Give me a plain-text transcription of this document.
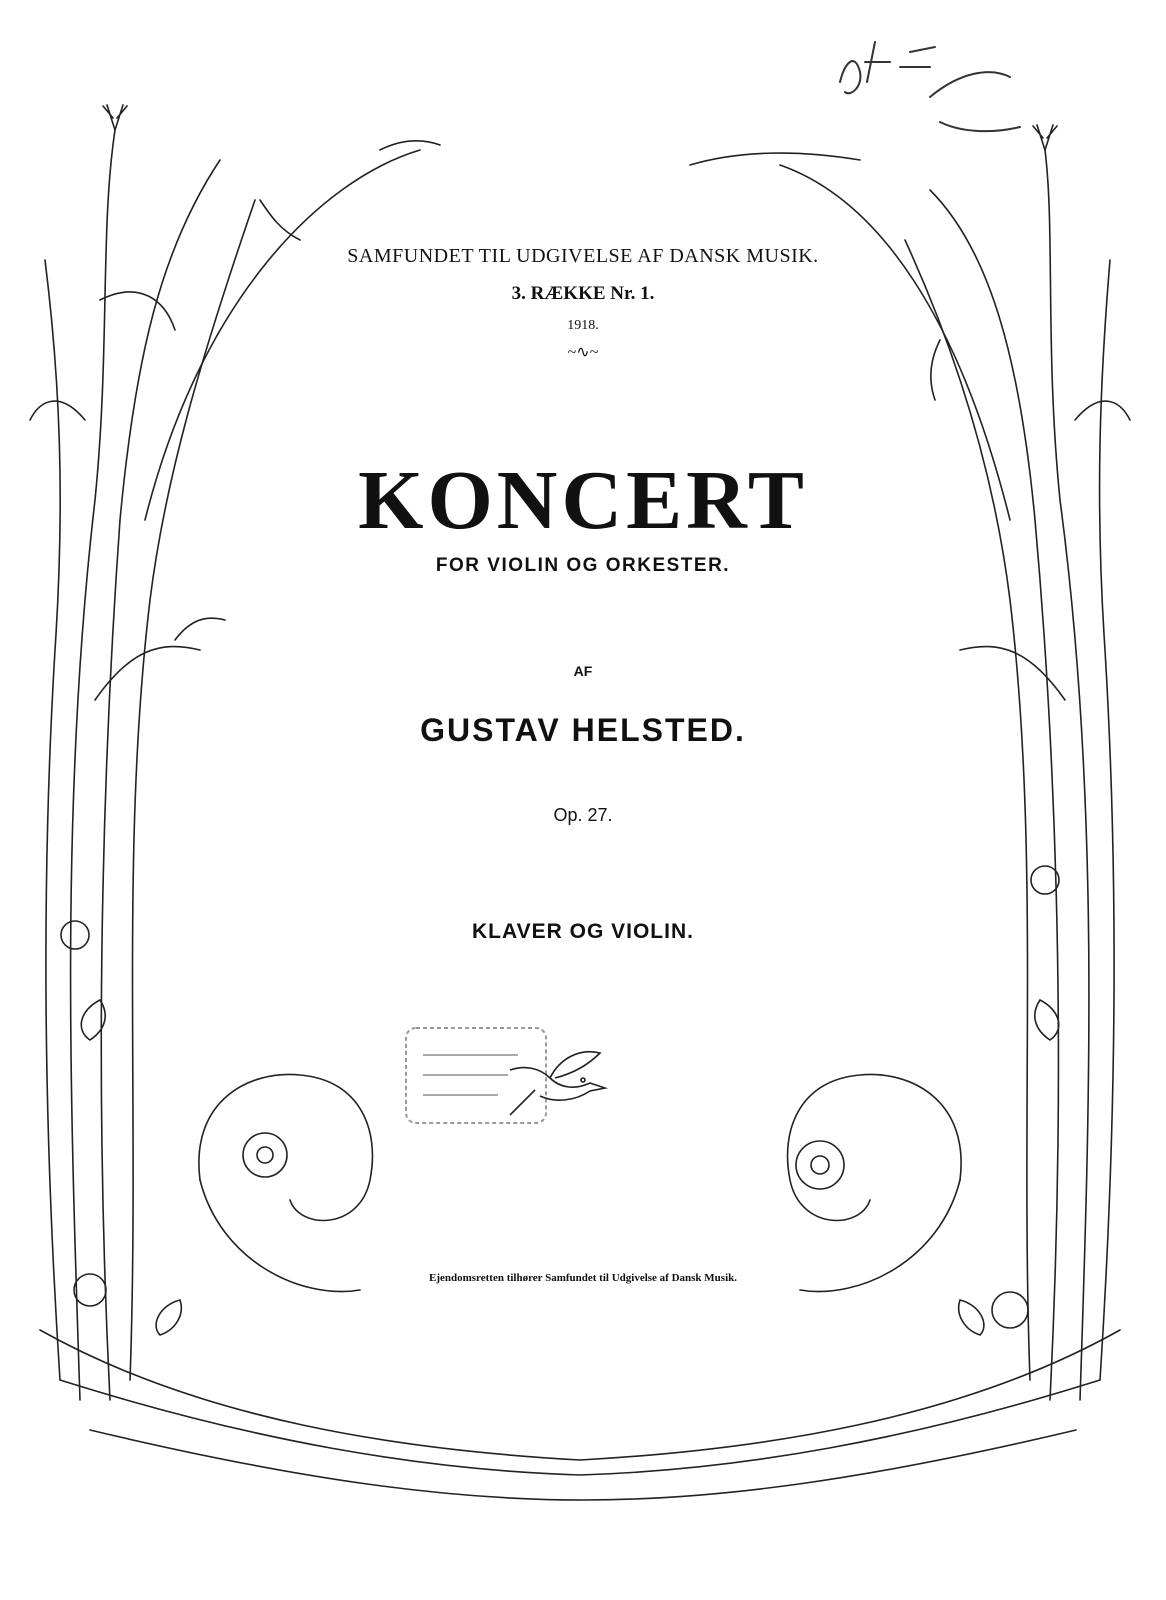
SAMFUNDET TIL UDGIVELSE AF DANSK MUSIK.
3. RÆKKE Nr. 1.
1918.
~∿~
KONCERT
FOR VIOLIN OG ORKESTER.
AF
GUSTAV HELSTED.
Op. 27.
KLAVER OG VIOLIN.
Ejendomsretten tilhører Samfundet til Udgivelse af Dansk Musik.
